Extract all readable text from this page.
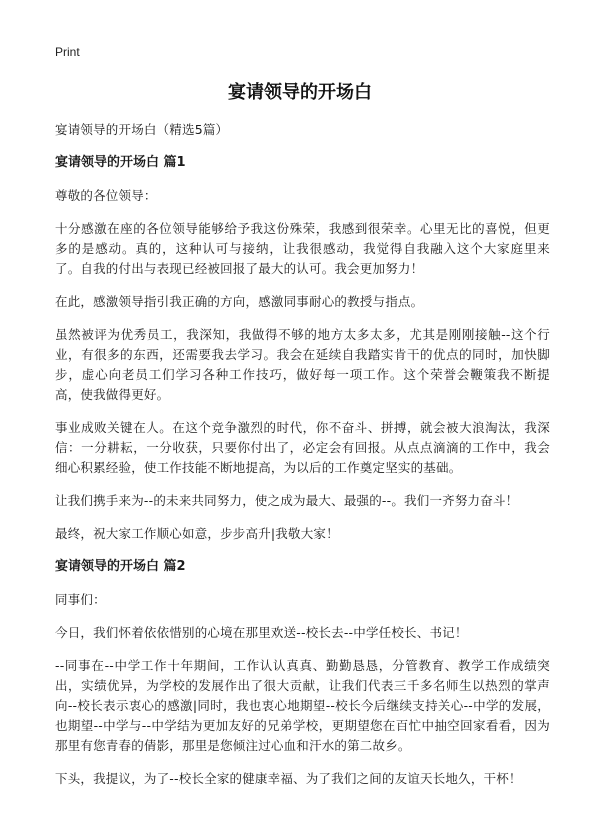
Print
宴请领导的开场白

宴请领导的开场白（精选5篇）

宴请领导的开场白 篇1

尊敬的各位领导：

十分感激在座的各位领导能够给予我这份殊荣，我感到很荣幸。心里无比的喜悦，但更多的是感动。真的，这种认可与接纳，让我很感动，我觉得自我融入这个大家庭里来了。自我的付出与表现已经被回报了最大的认可。我会更加努力！

在此，感激领导指引我正确的方向，感激同事耐心的教授与指点。

虽然被评为优秀员工，我深知，我做得不够的地方太多太多，尤其是刚刚接触--这个行业，有很多的东西，还需要我去学习。我会在延续自我踏实肯干的优点的同时，加快脚步，虚心向老员工们学习各种工作技巧，做好每一项工作。这个荣誉会鞭策我不断提高，使我做得更好。

事业成败关键在人。在这个竞争激烈的时代，你不奋斗、拼搏，就会被大浪淘汰，我深信：一分耕耘，一分收获，只要你付出了，必定会有回报。从点点滴滴的工作中，我会细心积累经验，使工作技能不断地提高，为以后的工作奠定坚实的基础。

让我们携手来为--的未来共同努力，使之成为最大、最强的--。我们一齐努力奋斗！

最终，祝大家工作顺心如意，步步高升|我敬大家！

宴请领导的开场白 篇2

同事们：

今日，我们怀着依依惜别的心境在那里欢送--校长去--中学任校长、书记！

--同事在--中学工作十年期间，工作认认真真、勤勤恳恳，分管教育、教学工作成绩突出，实绩优异，为学校的发展作出了很大贡献，让我们代表三千多名师生以热烈的掌声向--校长表示衷心的感激|同时，我也衷心地期望--校长今后继续支持关心--中学的发展，也期望--中学与--中学结为更加友好的兄弟学校，更期望您在百忙中抽空回家看看，因为那里有您青春的倩影，那里是您倾注过心血和汗水的第二故乡。

下头，我提议，为了--校长全家的健康幸福、为了我们之间的友谊天长地久，干杯！
